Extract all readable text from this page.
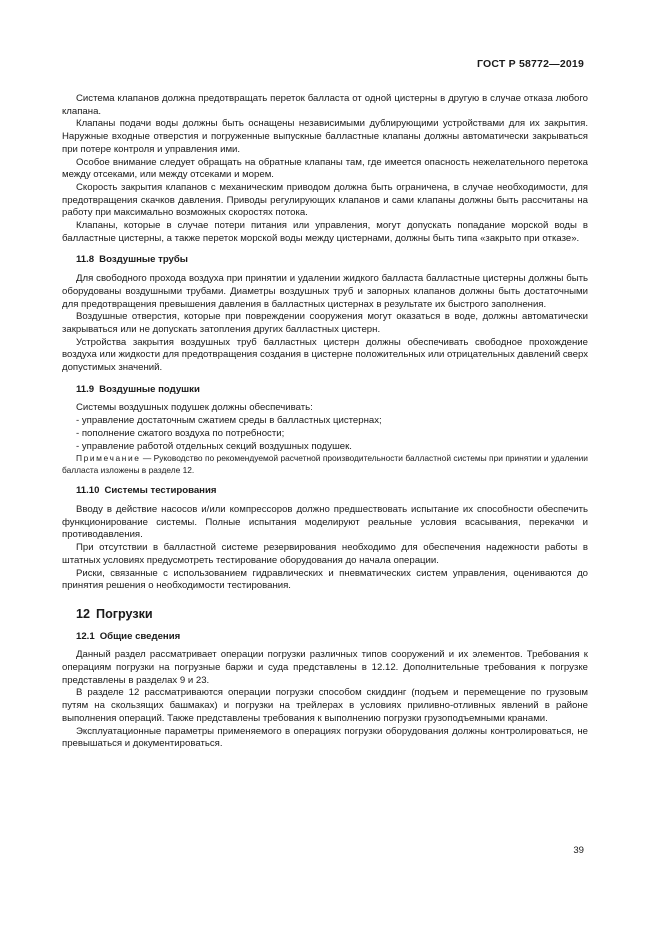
ГОСТ Р 58772—2019

Система клапанов должна предотвращать переток балласта от одной цистерны в другую в случае отказа любого клапана.

Клапаны подачи воды должны быть оснащены независимыми дублирующими устройствами для их закрытия. Наружные входные отверстия и погруженные выпускные балластные клапаны должны автоматически закрываться при потере контроля и управления ими.

Особое внимание следует обращать на обратные клапаны там, где имеется опасность нежелательного перетока между отсеками, или между отсеками и морем.

Скорость закрытия клапанов с механическим приводом должна быть ограничена, в случае необходимости, для предотвращения скачков давления. Приводы регулирующих клапанов и сами клапаны должны быть рассчитаны на работу при максимально возможных скоростях потока.

Клапаны, которые в случае потери питания или управления, могут допускать попадание морской воды в балластные цистерны, а также переток морской воды между цистернами, должны быть типа «закрыто при отказе».

11.8 Воздушные трубы

Для свободного прохода воздуха при принятии и удалении жидкого балласта балластные цистерны должны быть оборудованы воздушными трубами. Диаметры воздушных труб и запорных клапанов должны быть достаточными для предотвращения превышения давления в балластных цистернах в результате их быстрого заполнения.

Воздушные отверстия, которые при повреждении сооружения могут оказаться в воде, должны автоматически закрываться или не допускать затопления других балластных цистерн.

Устройства закрытия воздушных труб балластных цистерн должны обеспечивать свободное прохождение воздуха или жидкости для предотвращения создания в цистерне положительных или отрицательных давлений сверх допустимых значений.

11.9 Воздушные подушки

Системы воздушных подушек должны обеспечивать:

- управление достаточным сжатием среды в балластных цистернах;

- пополнение сжатого воздуха по потребности;

- управление работой отдельных секций воздушных подушек.

Примечание — Руководство по рекомендуемой расчетной производительности балластной системы при принятии и удалении балласта изложены в разделе 12.

11.10 Системы тестирования

Вводу в действие насосов и/или компрессоров должно предшествовать испытание их способности обеспечить функционирование системы. Полные испытания моделируют реальные условия всасывания, перекачки и противодавления.

При отсутствии в балластной системе резервирования необходимо для обеспечения надежности работы в штатных условиях предусмотреть тестирование оборудования до начала операции.

Риски, связанные с использованием гидравлических и пневматических систем управления, оцениваются до принятия решения о необходимости тестирования.

12 Погрузки
12.1 Общие сведения

Данный раздел рассматривает операции погрузки различных типов сооружений и их элементов. Требования к операциям погрузки на погрузные баржи и суда представлены в 12.12. Дополнительные требования к погрузке представлены в разделах 9 и 23.

В разделе 12 рассматриваются операции погрузки способом скиддинг (подъем и перемещение по грузовым путям на скользящих башмаках) и погрузки на трейлерах в условиях приливно-отливных явлений в районе выполнения операций. Также представлены требования к выполнению погрузки грузоподъемными кранами.

Эксплуатационные параметры применяемого в операциях погрузки оборудования должны контролироваться, не превышаться и документироваться.

39
